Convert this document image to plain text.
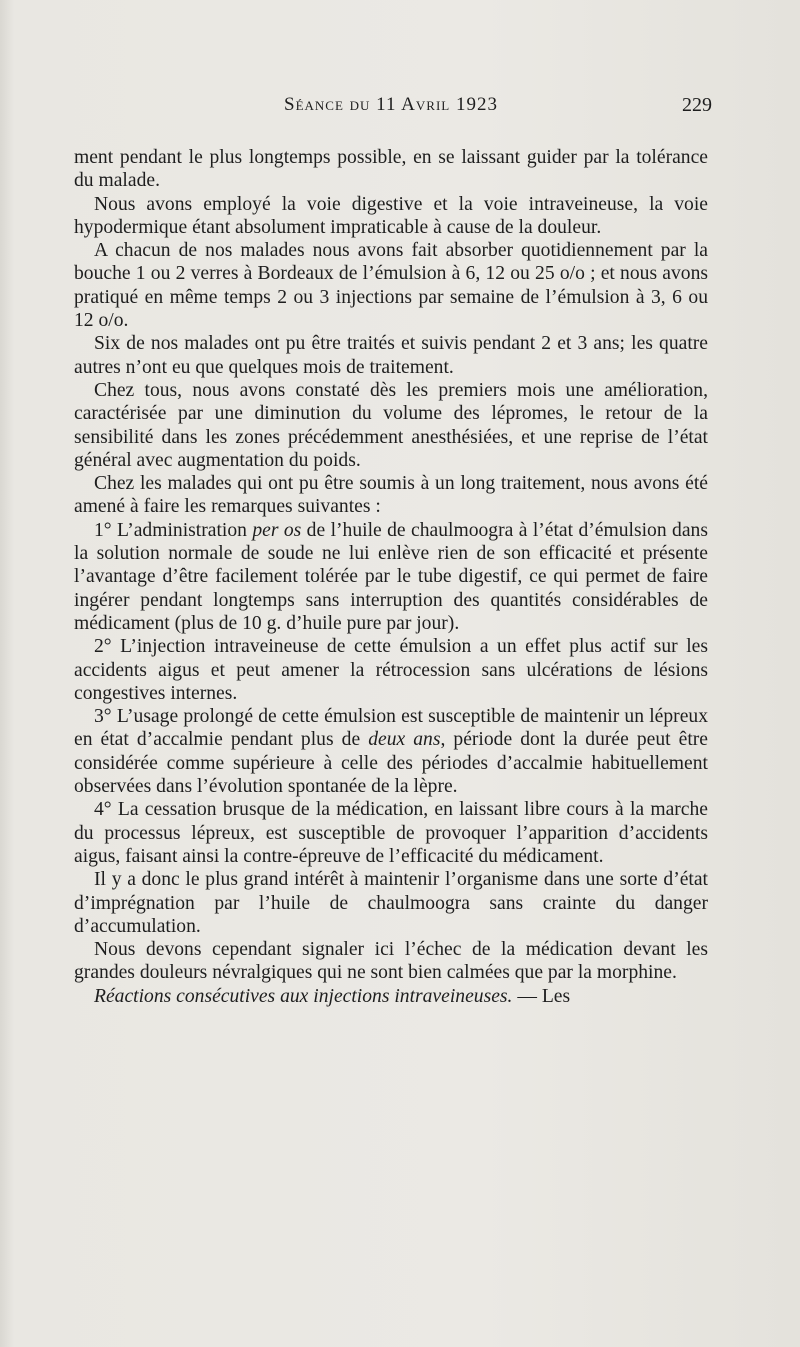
Séance du 11 Avril 1923	229

ment pendant le plus longtemps possible, en se laissant guider par la tolérance du malade.

Nous avons employé la voie digestive et la voie intraveineuse, la voie hypodermique étant absolument impraticable à cause de la douleur.

A chacun de nos malades nous avons fait absorber quotidiennement par la bouche 1 ou 2 verres à Bordeaux de l’émulsion à 6, 12 ou 25 o/o ; et nous avons pratiqué en même temps 2 ou 3 injections par semaine de l’émulsion à 3, 6 ou 12 o/o.

Six de nos malades ont pu être traités et suivis pendant 2 et 3 ans; les quatre autres n’ont eu que quelques mois de traitement.

Chez tous, nous avons constaté dès les premiers mois une amélioration, caractérisée par une diminution du volume des lépromes, le retour de la sensibilité dans les zones précédemment anesthésiées, et une reprise de l’état général avec augmentation du poids.

Chez les malades qui ont pu être soumis à un long traitement, nous avons été amené à faire les remarques suivantes :

1° L’administration per os de l’huile de chaulmoogra à l’état d’émulsion dans la solution normale de soude ne lui enlève rien de son efficacité et présente l’avantage d’être facilement tolérée par le tube digestif, ce qui permet de faire ingérer pendant longtemps sans interruption des quantités considérables de médicament (plus de 10 g. d’huile pure par jour).

2° L’injection intraveineuse de cette émulsion a un effet plus actif sur les accidents aigus et peut amener la rétrocession sans ulcérations de lésions congestives internes.

3° L’usage prolongé de cette émulsion est susceptible de maintenir un lépreux en état d’accalmie pendant plus de deux ans, période dont la durée peut être considérée comme supérieure à celle des périodes d’accalmie habituellement observées dans l’évolution spontanée de la lèpre.

4° La cessation brusque de la médication, en laissant libre cours à la marche du processus lépreux, est susceptible de provoquer l’apparition d’accidents aigus, faisant ainsi la contre-épreuve de l’efficacité du médicament.

Il y a donc le plus grand intérêt à maintenir l’organisme dans une sorte d’état d’imprégnation par l’huile de chaulmoogra sans crainte du danger d’accumulation.

Nous devons cependant signaler ici l’échec de la médication devant les grandes douleurs névralgiques qui ne sont bien calmées que par la morphine.

Réactions consécutives aux injections intraveineuses. — Les
